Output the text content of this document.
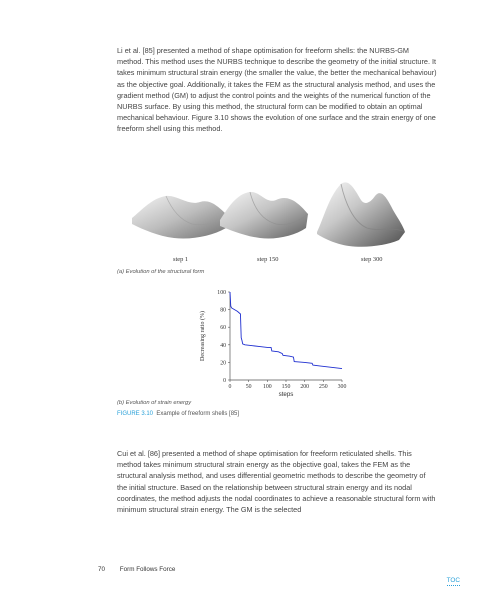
Li et al. [85] presented a method of shape optimisation for freeform shells: the NURBS-GM method. This method uses the NURBS technique to describe the geometry of the initial structure. It takes minimum structural strain energy (the smaller the value, the better the mechanical behaviour) as the objective goal. Additionally, it takes the FEM as the structural analysis method, and uses the gradient method (GM) to adjust the control points and the weights of the numerical function of the NURBS surface. By using this method, the structural form can be modified to obtain an optimal mechanical behaviour. Figure 3.10 shows the evolution of one surface and the strain energy of one freeform shell using this method.

step 1	step 150	step 300
(a) Evolution of the structural form
0
20
40
60
80
100
0 50 100 150 200 250 300
steps
Decreasing ratio (%)
(b) Evolution of strain energy
FIGURE 3.10 Example of freeform shells [85]

Cui et al. [86] presented a method of shape optimisation for freeform reticulated shells. This method takes minimum structural strain energy as the objective goal, takes the FEM as the structural analysis method, and uses differential geometric methods to describe the geometry of the initial structure. Based on the relationship between structural strain energy and its nodal coordinates, the method adjusts the nodal coordinates to achieve a reasonable structural form with minimum structural strain energy. The GM is the selected

70 Form Follows Force
TOC
